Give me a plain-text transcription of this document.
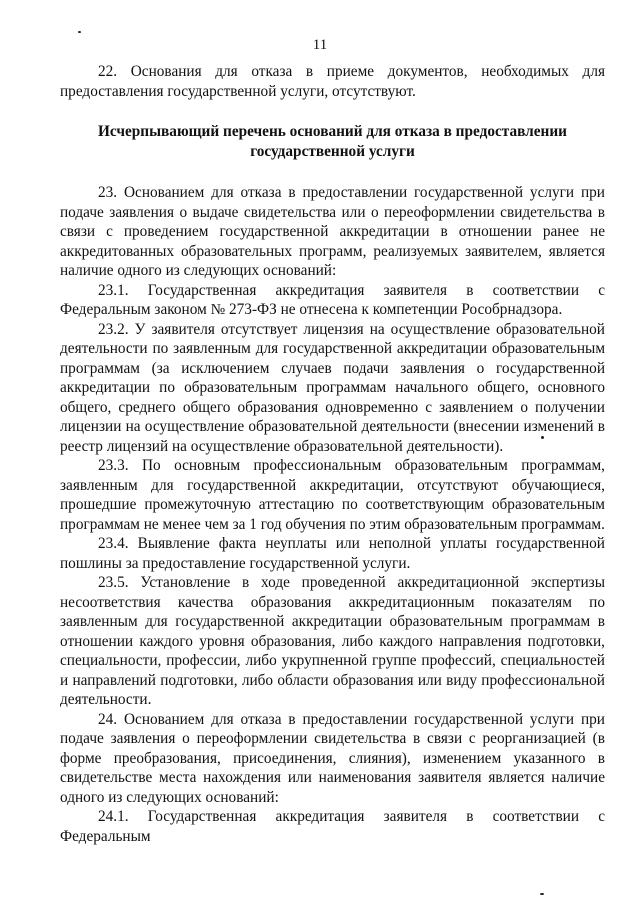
11

22. Основания для отказа в приеме документов, необходимых для предоставления государственной услуги, отсутствуют.

Исчерпывающий перечень оснований для отказа в предоставлении государственной услуги

23. Основанием для отказа в предоставлении государственной услуги при подаче заявления о выдаче свидетельства или о переоформлении свидетельства в связи с проведением государственной аккредитации в отношении ранее не аккредитованных образовательных программ, реализуемых заявителем, является наличие одного из следующих оснований:

23.1. Государственная аккредитация заявителя в соответствии с Федеральным законом № 273-ФЗ не отнесена к компетенции Рособрнадзора.

23.2. У заявителя отсутствует лицензия на осуществление образовательной деятельности по заявленным для государственной аккредитации образовательным программам (за исключением случаев подачи заявления о государственной аккредитации по образовательным программам начального общего, основного общего, среднего общего образования одновременно с заявлением о получении лицензии на осуществление образовательной деятельности (внесении изменений в реестр лицензий на осуществление образовательной деятельности).

23.3. По основным профессиональным образовательным программам, заявленным для государственной аккредитации, отсутствуют обучающиеся, прошедшие промежуточную аттестацию по соответствующим образовательным программам не менее чем за 1 год обучения по этим образовательным программам.

23.4. Выявление факта неуплаты или неполной уплаты государственной пошлины за предоставление государственной услуги.

23.5. Установление в ходе проведенной аккредитационной экспертизы несоответствия качества образования аккредитационным показателям по заявленным для государственной аккредитации образовательным программам в отношении каждого уровня образования, либо каждого направления подготовки, специальности, профессии, либо укрупненной группе профессий, специальностей и направлений подготовки, либо области образования или виду профессиональной деятельности.

24. Основанием для отказа в предоставлении государственной услуги при подаче заявления о переоформлении свидетельства в связи с реорганизацией (в форме преобразования, присоединения, слияния), изменением указанного в свидетельстве места нахождения или наименования заявителя является наличие одного из следующих оснований:

24.1. Государственная аккредитация заявителя в соответствии с Федеральным
